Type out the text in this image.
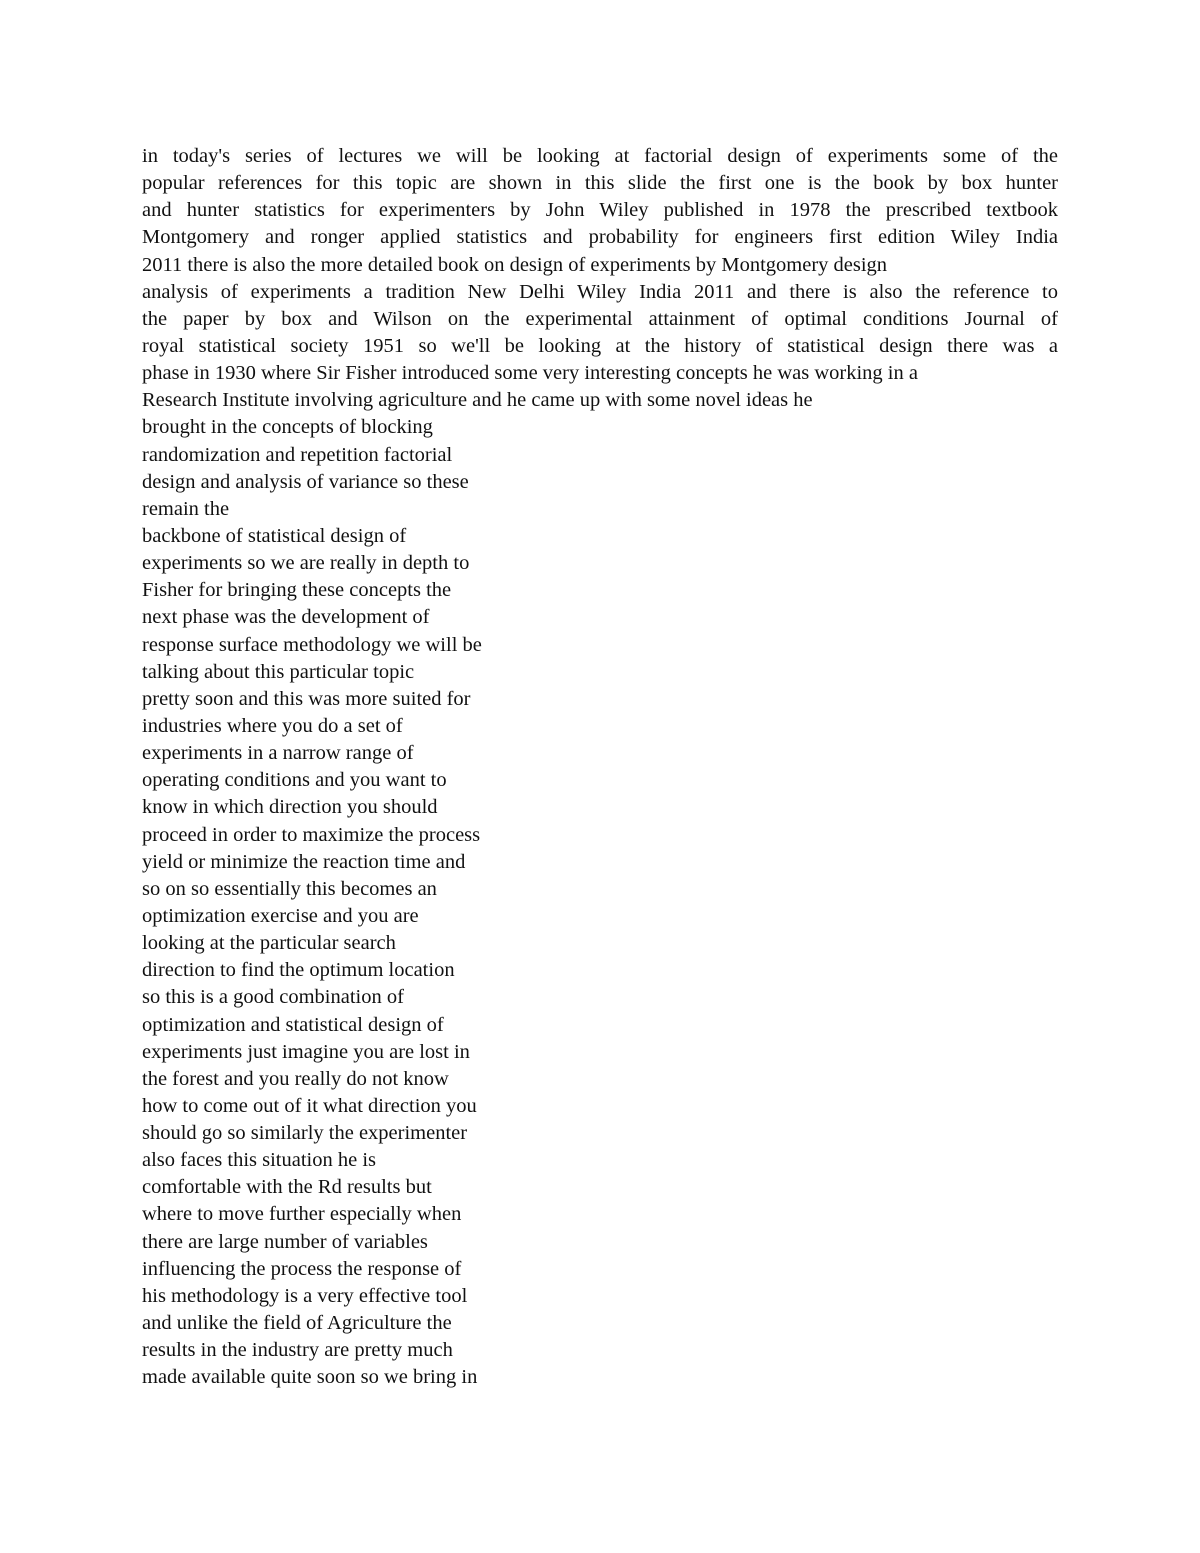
in today's series of lectures we will be looking at factorial design of experiments some of the
popular references for this topic are shown in this slide the first one is the book by box hunter
and hunter statistics for experimenters by John Wiley published in 1978 the prescribed textbook
Montgomery and ronger applied statistics and probability for engineers first edition Wiley India
2011 there is also the more detailed book on design of experiments by Montgomery design
analysis of experiments a tradition New Delhi Wiley India 2011 and there is also the reference to
the paper by box and Wilson on the experimental attainment of optimal conditions Journal of
royal statistical society 1951 so we'll be looking at the history of statistical design there was a
phase in 1930 where Sir Fisher introduced some very interesting concepts he was working in a
Research Institute involving agriculture and he came up with some novel ideas he
brought in the concepts of blocking
randomization and repetition factorial
design and analysis of variance so these
remain the
backbone of statistical design of
experiments so we are really in depth to
Fisher for bringing these concepts the
next phase was the development of
response surface methodology we will be
talking about this particular topic
pretty soon and this was more suited for
industries where you do a set of
experiments in a narrow range of
operating conditions and you want to
know in which direction you should
proceed in order to maximize the process
yield or minimize the reaction time and
so on so essentially this becomes an
optimization exercise and you are
looking at the particular search
direction to find the optimum location
so this is a good combination of
optimization and statistical design of
experiments just imagine you are lost in
the forest and you really do not know
how to come out of it what direction you
should go so similarly the experimenter
also faces this situation he is
comfortable with the Rd results but
where to move further especially when
there are large number of variables
influencing the process the response of
his methodology is a very effective tool
and unlike the field of Agriculture the
results in the industry are pretty much
made available quite soon so we bring in
